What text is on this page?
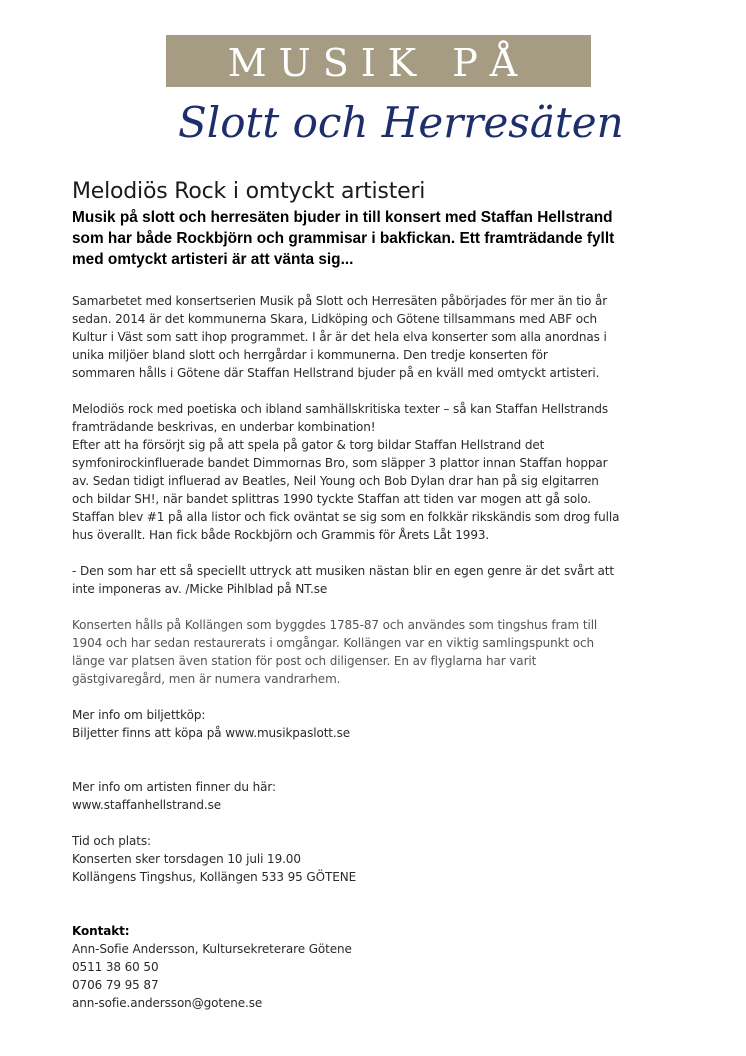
MUSIK PÅ
Slott och Herresäten
Melodiös Rock i omtyckt artisteri

Musik på slott och herresäten bjuder in till konsert med Staffan Hellstrand
som har både Rockbjörn och grammisar i bakfickan. Ett framträdande fyllt
med omtyckt artisteri är att vänta sig...

Samarbetet med konsertserien Musik på Slott och Herresäten påbörjades för mer än tio år
sedan. 2014 är det kommunerna Skara, Lidköping och Götene tillsammans med ABF och
Kultur i Väst som satt ihop programmet. I år är det hela elva konserter som alla anordnas i
unika miljöer bland slott och herrgårdar i kommunerna. Den tredje konserten för
sommaren hålls i Götene där Staffan Hellstrand bjuder på en kväll med omtyckt artisteri.

Melodiös rock med poetiska och ibland samhällskritiska texter – så kan Staffan Hellstrands
framträdande beskrivas, en underbar kombination!
Efter att ha försörjt sig på att spela på gator & torg bildar Staffan Hellstrand det
symfonirockinfluerade bandet Dimmornas Bro, som släpper 3 plattor innan Staffan hoppar
av. Sedan tidigt influerad av Beatles, Neil Young och Bob Dylan drar han på sig elgitarren
och bildar SH!, när bandet splittras 1990 tyckte Staffan att tiden var mogen att gå solo.
Staffan blev #1 på alla listor och fick oväntat se sig som en folkkär rikskändis som drog fulla
hus överallt. Han fick både Rockbjörn och Grammis för Årets Låt 1993.

- Den som har ett så speciellt uttryck att musiken nästan blir en egen genre är det svårt att
inte imponeras av. /Micke Pihlblad på NT.se

Konserten hålls på Kollängen som byggdes 1785-87 och användes som tingshus fram till
1904 och har sedan restaurerats i omgångar. Kollängen var en viktig samlingspunkt och
länge var platsen även station för post och diligenser. En av flyglarna har varit
gästgivaregård, men är numera vandrarhem.

Mer info om biljettköp:
Biljetter finns att köpa på www.musikpaslott.se

Mer info om artisten finner du här:
www.staffanhellstrand.se

Tid och plats:
Konserten sker torsdagen 10 juli 19.00
Kollängens Tingshus, Kollängen 533 95 GÖTENE

Kontakt:
Ann-Sofie Andersson, Kultursekreterare Götene
0511 38 60 50
0706 79 95 87
ann-sofie.andersson@gotene.se
